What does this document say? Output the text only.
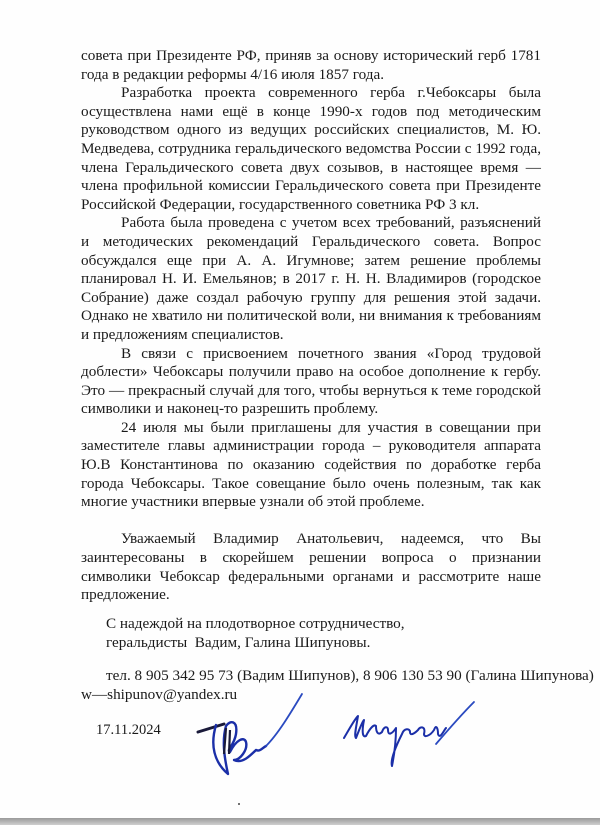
совета при Президенте РФ, приняв за основу исторический герб 1781 года в редакции реформы 4/16 июля 1857 года.

Разработка проекта современного герба г.Чебоксары была осуществлена нами ещё в конце 1990-х годов под методическим руководством одного из ведущих российских специалистов, М. Ю. Медведева, сотрудника геральдического ведомства России с 1992 года, члена Геральдического совета двух созывов, в настоящее время — члена профильной комиссии Геральдического совета при Президенте Российской Федерации, государственного советника РФ 3 кл.

Работа была проведена с учетом всех требований, разъяснений и методических рекомендаций Геральдического совета. Вопрос обсуждался еще при А. А. Игумнове; затем решение проблемы планировал Н. И. Емельянов; в 2017 г. Н. Н. Владимиров (городское Собрание) даже создал рабочую группу для решения этой задачи. Однако не хватило ни политической воли, ни внимания к требованиям и предложениям специалистов.

В связи с присвоением почетного звания «Город трудовой доблести» Чебоксары получили право на особое дополнение к гербу. Это — прекрасный случай для того, чтобы вернуться к теме городской символики и наконец-то разрешить проблему.

24 июля мы были приглашены для участия в совещании при заместителе главы администрации города – руководителя аппарата Ю.В Константинова по оказанию содействия по доработке герба города Чебоксары. Такое совещание было очень полезным, так как многие участники впервые узнали об этой проблеме.

Уважаемый Владимир Анатольевич, надеемся, что Вы заинтересованы в скорейшем решении вопроса о признании символики Чебоксар федеральными органами и рассмотрите наше предложение.

С надеждой на плодотворное сотрудничество,
геральдисты  Вадим, Галина Шипуновы.
тел. 8 905 342 95 73 (Вадим Шипунов), 8 906 130 53 90 (Галина Шипунова)
w—shipunov@yandex.ru
17.11.2024
